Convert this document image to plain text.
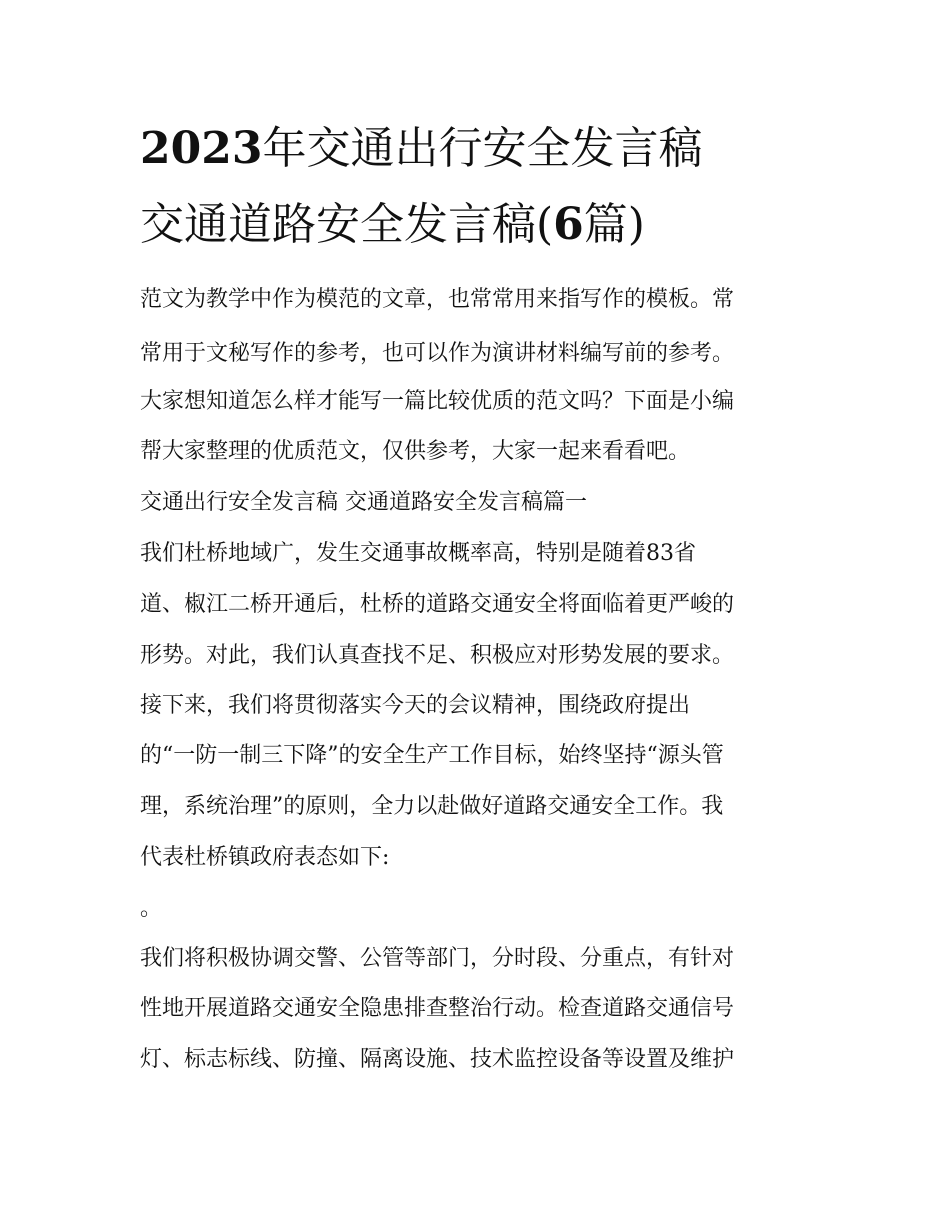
2023年交通出行安全发言稿
交通道路安全发言稿(6篇)

范文为教学中作为模范的文章，也常常用来指写作的模板。常

常用于文秘写作的参考，也可以作为演讲材料编写前的参考。

大家想知道怎么样才能写一篇比较优质的范文吗？下面是小编

帮大家整理的优质范文，仅供参考，大家一起来看看吧。

交通出行安全发言稿 交通道路安全发言稿篇一

我们杜桥地域广，发生交通事故概率高，特别是随着83省

道、椒江二桥开通后，杜桥的道路交通安全将面临着更严峻的

形势。对此，我们认真查找不足、积极应对形势发展的要求。

接下来，我们将贯彻落实今天的会议精神，围绕政府提出

的“一防一制三下降”的安全生产工作目标，始终坚持“源头管

理，系统治理”的原则，全力以赴做好道路交通安全工作。我

代表杜桥镇政府表态如下:

。

我们将积极协调交警、公管等部门，分时段、分重点，有针对

性地开展道路交通安全隐患排查整治行动。检查道路交通信号

灯、标志标线、防撞、隔离设施、技术监控设备等设置及维护
